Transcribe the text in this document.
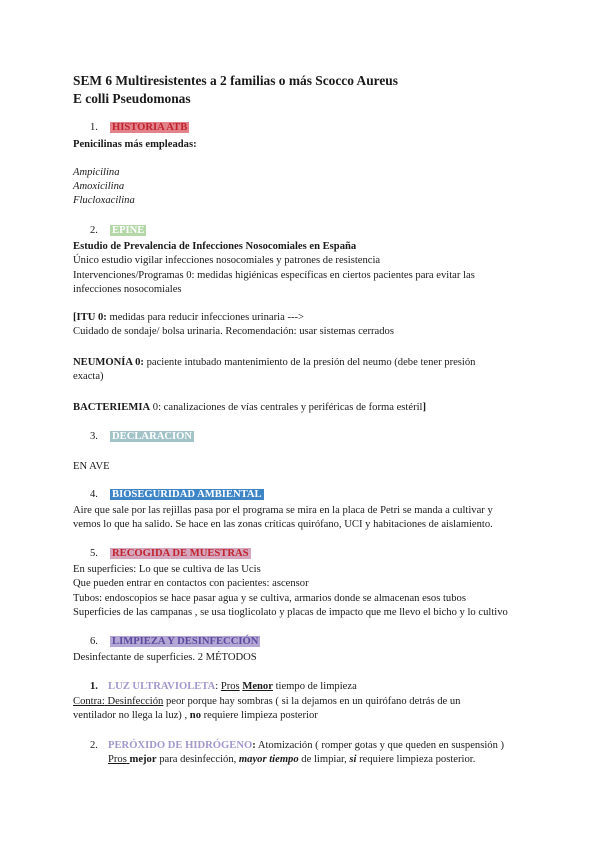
SEM 6 Multiresistentes a 2 familias o más Scocco Aureus
E colli Pseudomonas
1. HISTORIA ATB
Penicilinas más empleadas:
Ampicilina
Amoxicilina
Flucloxacilina
2. EPINE
Estudio de Prevalencia de Infecciones Nosocomiales en España
Único estudio vigilar infecciones nosocomiales y patrones de resistencia
Intervenciones/Programas 0: medidas higiénicas específicas en ciertos pacientes para evitar las
infecciones nosocomiales
[ITU 0: medidas para reducir infecciones urinaria --->
Cuidado de sondaje/ bolsa urinaria. Recomendación: usar sistemas cerrados
NEUMONÍA 0: paciente intubado mantenimiento de la presión del neumo (debe tener presión
exacta)
BACTERIEMIA 0: canalizaciones de vías centrales y periféricas de forma estéril]
3. DECLARACION
EN AVE
4. BIOSEGURIDAD AMBIENTAL
Aire que sale por las rejillas pasa por el programa se mira en la placa de Petri se manda a cultivar y
vemos lo que ha salido. Se hace en las zonas críticas quirófano, UCI y habitaciones de aislamiento.
5. RECOGIDA DE MUESTRAS
En superficies: Lo que se cultiva de las Ucis
Que pueden entrar en contactos con pacientes: ascensor
Tubos: endoscopios se hace pasar agua y se cultiva, armarios donde se almacenan esos tubos
Superficies de las campanas , se usa tioglicolato y placas de impacto que me llevo el bicho y lo cultivo
6. LIMPIEZA Y DESINFECCIÓN
Desinfectante de superficies. 2 MÉTODOS
1. LUZ ULTRAVIOLETA: Pros Menor tiempo de limpieza
Contra: Desinfección peor porque hay sombras ( si la dejamos en un quirófano detrás de un
ventilador no llega la luz) , no requiere limpieza posterior
2. PERÓXIDO DE HIDRÓGENO: Atomización ( romper gotas y que queden en suspensión )
Pros mejor para desinfección, mayor tiempo de limpiar, si requiere limpieza posterior.
